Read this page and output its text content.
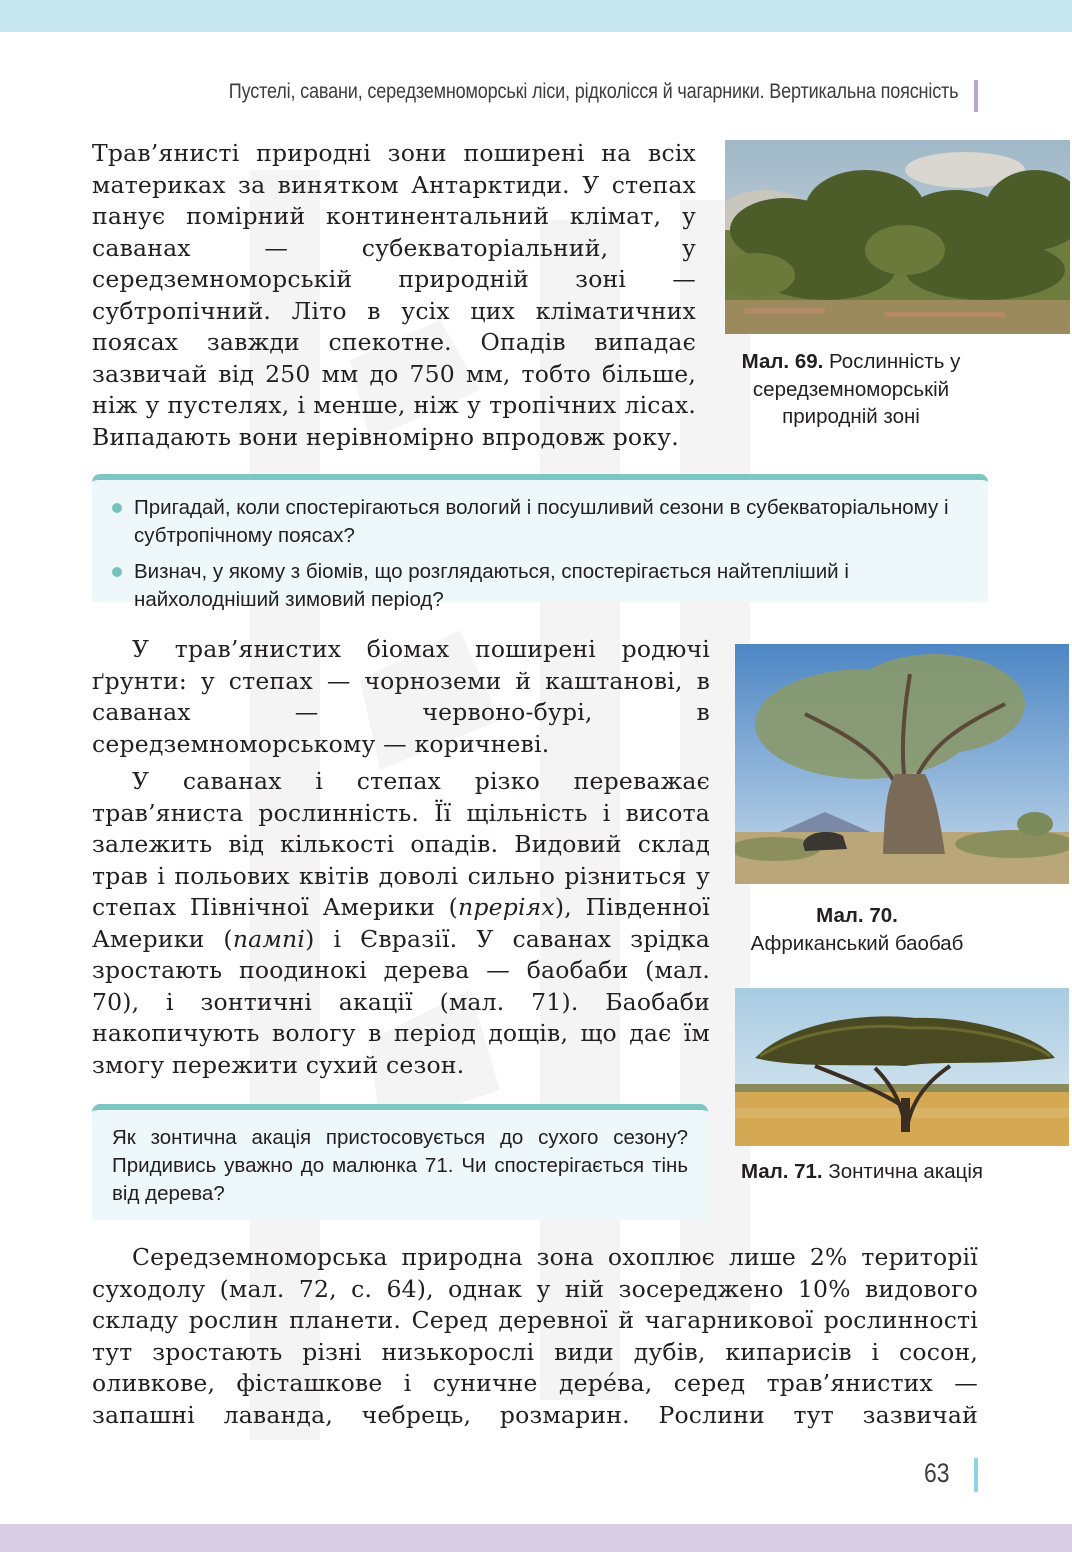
Пустелі, савани, середземноморські ліси, рідколісся й чагарники. Вертикальна поясність

Трав’янисті природні зони поширені на всіх материках за винятком Антарктиди. У степах панує помірний континентальний клімат, у саванах — субекваторіальний, у середземноморській природній зоні — субтропічний. Літо в усіх цих кліматичних поясах завжди спекотне. Опадів випадає зазвичай від 250 мм до 750 мм, тобто більше, ніж у пустелях, і менше, ніж у тропічних лісах. Випадають вони нерівномірно впродовж року.

Мал. 69. Рослинність у середземноморській природній зоні

Пригадай, коли спостерігаються вологий і посушливий сезони в субекваторіальному і субтропічному поясах?

Визнач, у якому з біомів, що розглядаються, спостерігається найтепліший і найхолодніший зимовий період?

У трав’янистих біомах поширені родючі ґрунти: у степах — чорноземи й каштанові, в саванах — червоно-бурі, в середземноморському — коричневі.

У саванах і степах різко переважає трав’яниста рослинність. Її щільність і висота залежить від кількості опадів. Видовий склад трав і польових квітів доволі сильно різниться у степах Північної Америки (преріях), Південної Америки (пампі) і Євразії. У саванах зрідка зростають поодинокі дерева — баобаби (мал. 70), і зонтичні акації (мал. 71). Баобаби накопичують вологу в період дощів, що дає їм змогу пережити сухий сезон.

Мал. 70.
Африканський баобаб
Мал. 71. Зонтична акація

Як зонтична акація пристосовується до сухого сезону? Придивись уважно до малюнка 71. Чи спостерігається тінь від дерева?

Середземноморська природна зона охоплює лише 2% території суходолу (мал. 72, с. 64), однак у ній зосереджено 10% видового складу рослин планети. Серед деревної й чагарникової рослинності тут зростають різні низькорослі види дубів, кипарисів і сосон, оливкове, фісташкове і суничне дере́ва, серед трав’янистих — запашні лаванда, чебрець, розмарин. Рослини тут зазвичай

63
